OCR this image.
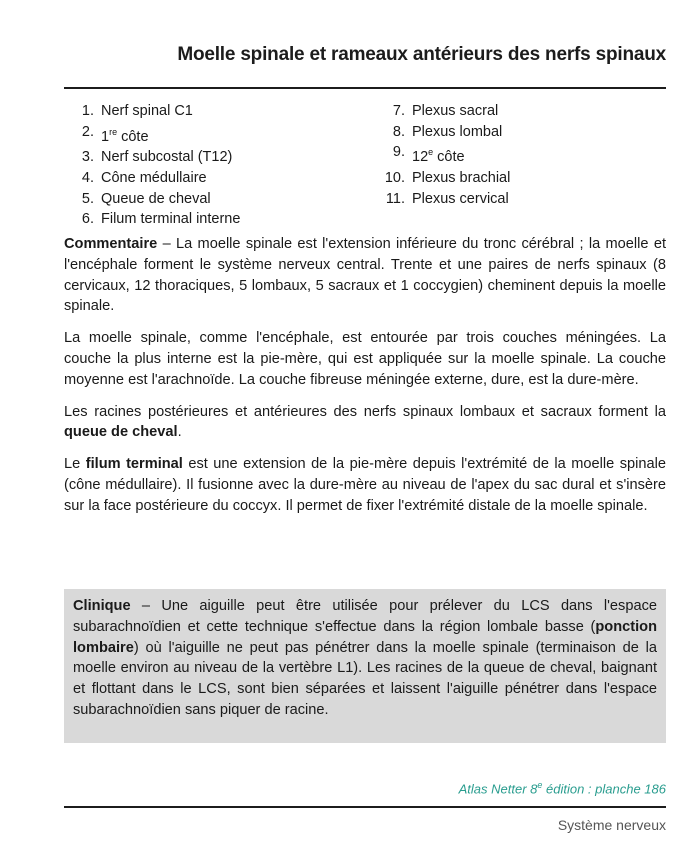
Moelle spinale et rameaux antérieurs des nerfs spinaux
1. Nerf spinal C1
2. 1re côte
3. Nerf subcostal (T12)
4. Cône médullaire
5. Queue de cheval
6. Filum terminal interne
7. Plexus sacral
8. Plexus lombal
9. 12e côte
10. Plexus brachial
11. Plexus cervical

Commentaire – La moelle spinale est l'extension inférieure du tronc cérébral ; la moelle et l'encéphale forment le système nerveux central. Trente et une paires de nerfs spinaux (8 cervicaux, 12 thoraciques, 5 lombaux, 5 sacraux et 1 coccygien) cheminent depuis la moelle spinale.

La moelle spinale, comme l'encéphale, est entourée par trois couches méningées. La couche la plus interne est la pie-mère, qui est appliquée sur la moelle spinale. La couche moyenne est l'arachnoïde. La couche fibreuse méningée externe, dure, est la dure-mère.

Les racines postérieures et antérieures des nerfs spinaux lombaux et sacraux forment la queue de cheval.

Le filum terminal est une extension de la pie-mère depuis l'extrémité de la moelle spinale (cône médullaire). Il fusionne avec la dure-mère au niveau de l'apex du sac dural et s'insère sur la face postérieure du coccyx. Il permet de fixer l'extrémité distale de la moelle spinale.

Clinique – Une aiguille peut être utilisée pour prélever du LCS dans l'espace subarachnoïdien et cette technique s'effectue dans la région lombale basse (ponction lombaire) où l'aiguille ne peut pas pénétrer dans la moelle spinale (terminaison de la moelle environ au niveau de la vertèbre L1). Les racines de la queue de cheval, baignant et flottant dans le LCS, sont bien séparées et laissent l'aiguille pénétrer dans l'espace subarachnoïdien sans piquer de racine.
Atlas Netter 8e édition : planche 186
Système nerveux
